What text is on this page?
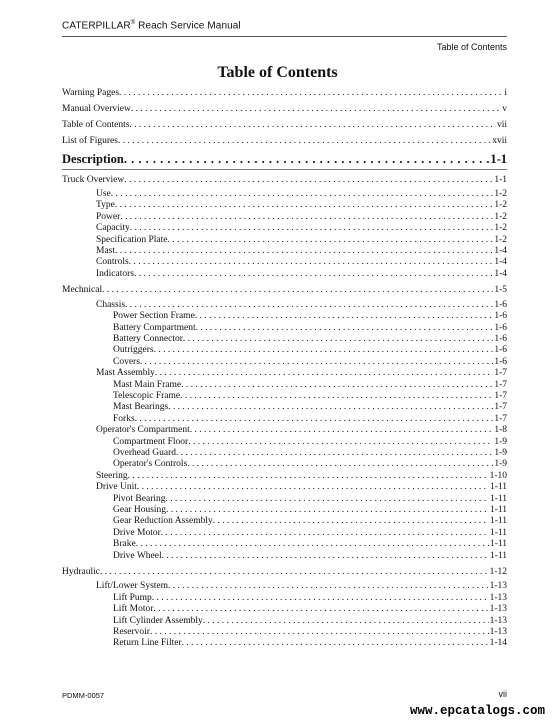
CATERPILLAR® Reach Service Manual
Table of Contents
Table of Contents
Warning Pages . . .	i
Manual Overview . . .	v
Table of Contents . . .	vii
List of Figures . . .	xvii
Description . . .	1-1
Truck Overview . . .	1-1
Use . . .	1-2
Type . . .	1-2
Power . . .	1-2
Capacity . . .	1-2
Specification Plate . . .	1-2
Mast . . .	1-4
Controls . . .	1-4
Indicators . . .	1-4
Mechnical . . .	1-5
Chassis . . .	1-6
Power Section Frame . . .	1-6
Battery Compartment . . .	1-6
Battery Connector . . .	1-6
Outriggers . . .	1-6
Covers . . .	1-6
Mast Assembly . . .	1-7
Mast Main Frame . . .	1-7
Telescopic Frame . . .	1-7
Mast Bearings . . .	1-7
Forks . . .	1-7
Operator's Compartment . . .	1-8
Compartment Floor . . .	1-9
Overhead Guard . . .	1-9
Operator's Controls . . .	1-9
Steering . . .	1-10
Drive Unit . . .	1-11
Pivot Bearing . . .	1-11
Gear Housing . . .	1-11
Gear Reduction Assembly . . .	1-11
Drive Motor . . .	1-11
Brake . . .	1-11
Drive Wheel . . .	1-11
Hydraulic . . .	1-12
Lift/Lower System . . .	1-13
Lift Pump . . .	1-13
Lift Motor . . .	1-13
Lift Cylinder Assembly . . .	1-13
Reservoir . . .	1-13
Return Line Filter . . .	1-14
PDMM-0057	vii
www.epcatalogs.com
